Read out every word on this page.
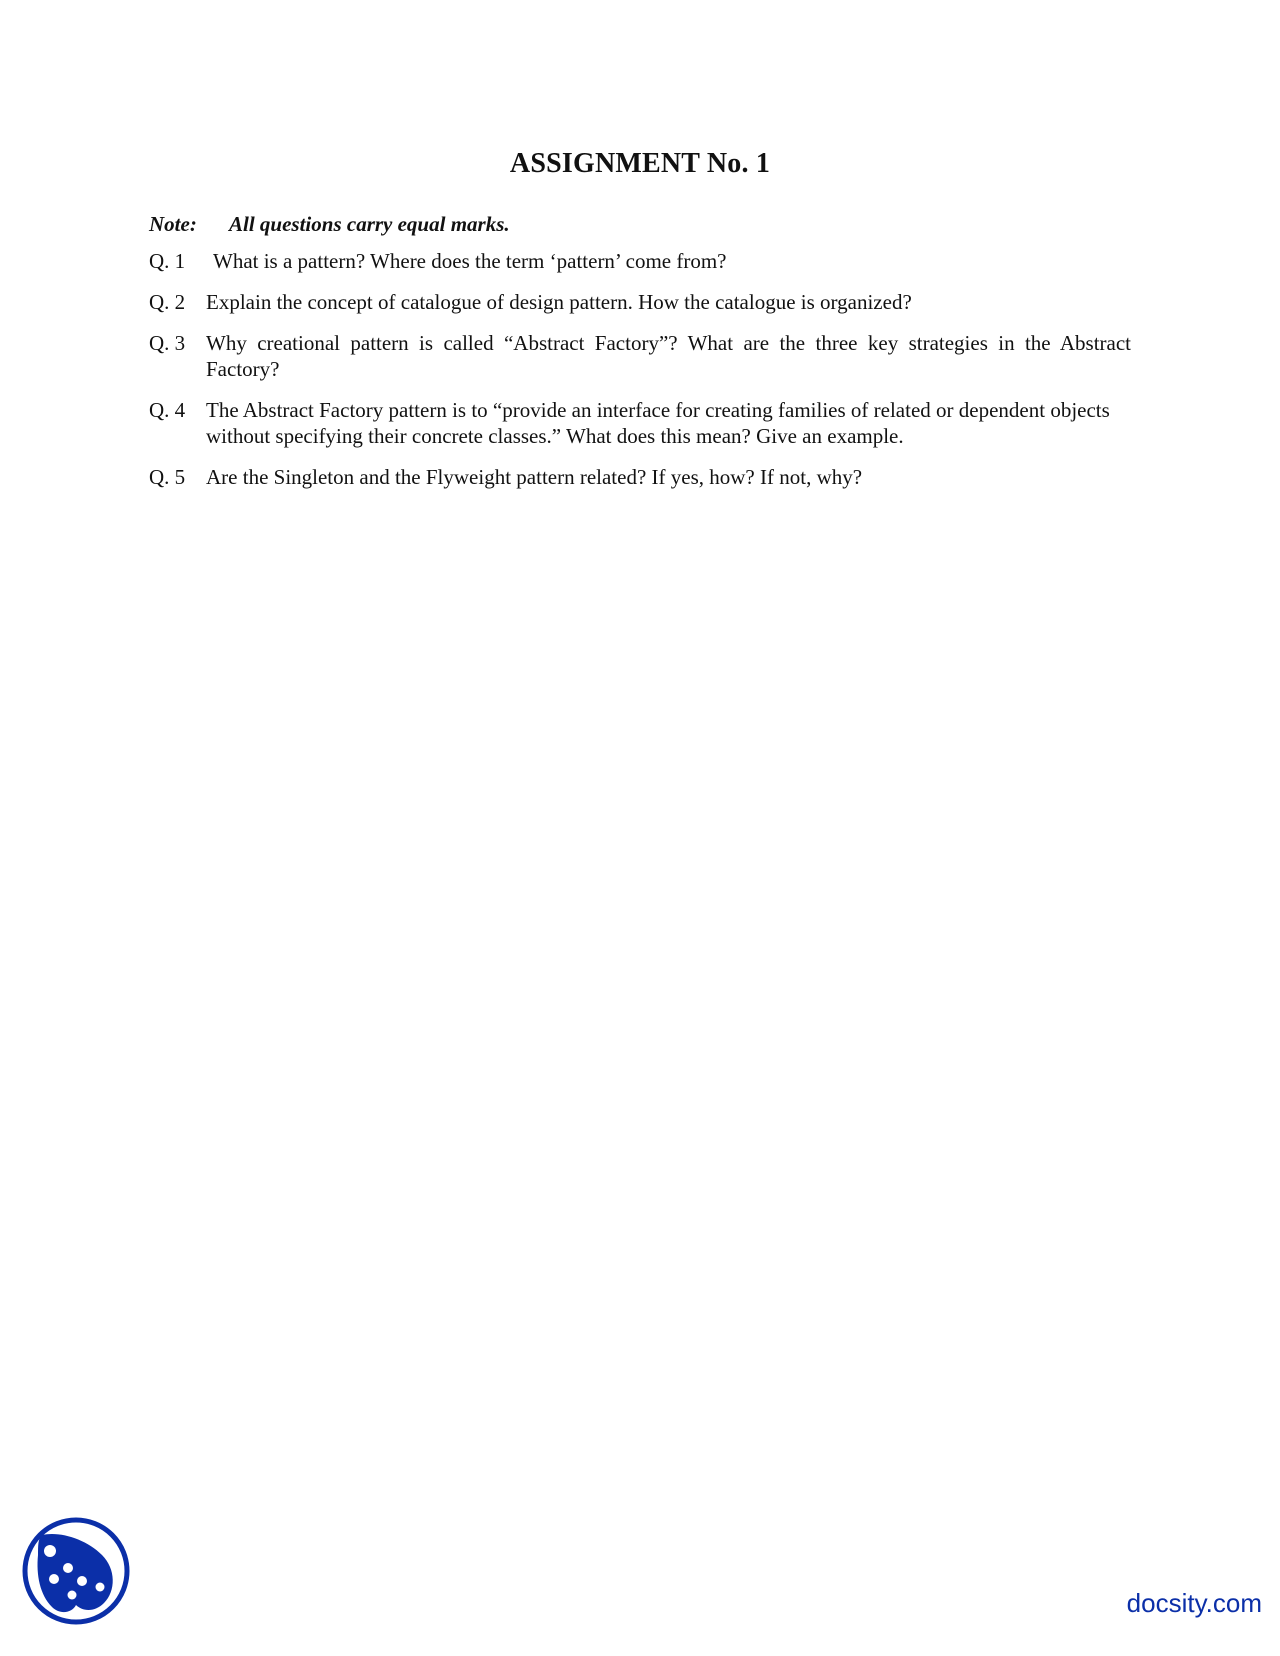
ASSIGNMENT No. 1
Note: All questions carry equal marks.
Q. 1	What is a pattern? Where does the term ‘pattern’ come from?
Q. 2 Explain the concept of catalogue of design pattern. How the catalogue is organized?
Q. 3 Why creational pattern is called “Abstract Factory”? What are the three key strategies in the Abstract Factory?
Q. 4 The Abstract Factory pattern is to “provide an interface for creating families of related or dependent objects without specifying their concrete classes.” What does this mean? Give an example.
Q. 5 Are the Singleton and the Flyweight pattern related? If yes, how? If not, why?
docsity.com
